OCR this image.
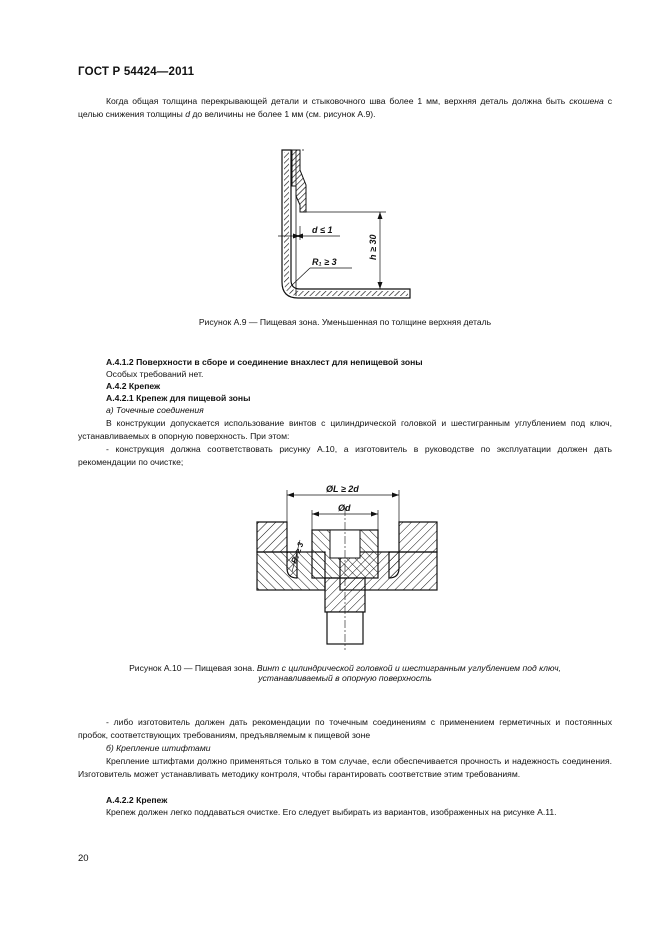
ГОСТ Р 54424—2011
Когда общая толщина перекрывающей детали и стыковочного шва более 1 мм, верхняя деталь должна быть скошена с целью снижения толщины d до величины не более 1 мм (см. рисунок А.9).
h ≥ 30
d ≤ 1
R₁ ≥ 3
Рисунок А.9 — Пищевая зона. Уменьшенная по толщине верхняя деталь
А.4.1.2 Поверхности в сборе и соединение внахлест для непищевой зоны
Особых требований нет.
А.4.2 Крепеж
А.4.2.1 Крепеж для пищевой зоны
а) Точечные соединения
В конструкции допускается использование винтов с цилиндрической головкой и шестигранным углублением под ключ, устанавливаемых в опорную поверхность. При этом:
- конструкция должна соответствовать рисунку А.10, а изготовитель в руководстве по эксплуатации должен дать рекомендации по очистке;
ØL ≥ 2d
Ød
R₁ ≥ 3
Рисунок А.10 — Пищевая зона. Винт с цилиндрической головкой и шестигранным углублением под ключ,
устанавливаемый в опорную поверхность
- либо изготовитель должен дать рекомендации по точечным соединениям с применением герметичных и постоянных пробок, соответствующих требованиям, предъявляемым к пищевой зоне
б) Крепление штифтами
Крепление штифтами должно применяться только в том случае, если обеспечивается прочность и надежность соединения. Изготовитель может устанавливать методику контроля, чтобы гарантировать соответствие этим требованиям.
А.4.2.2 Крепеж
Крепеж должен легко поддаваться очистке. Его следует выбирать из вариантов, изображенных на рисунке А.11.
20
